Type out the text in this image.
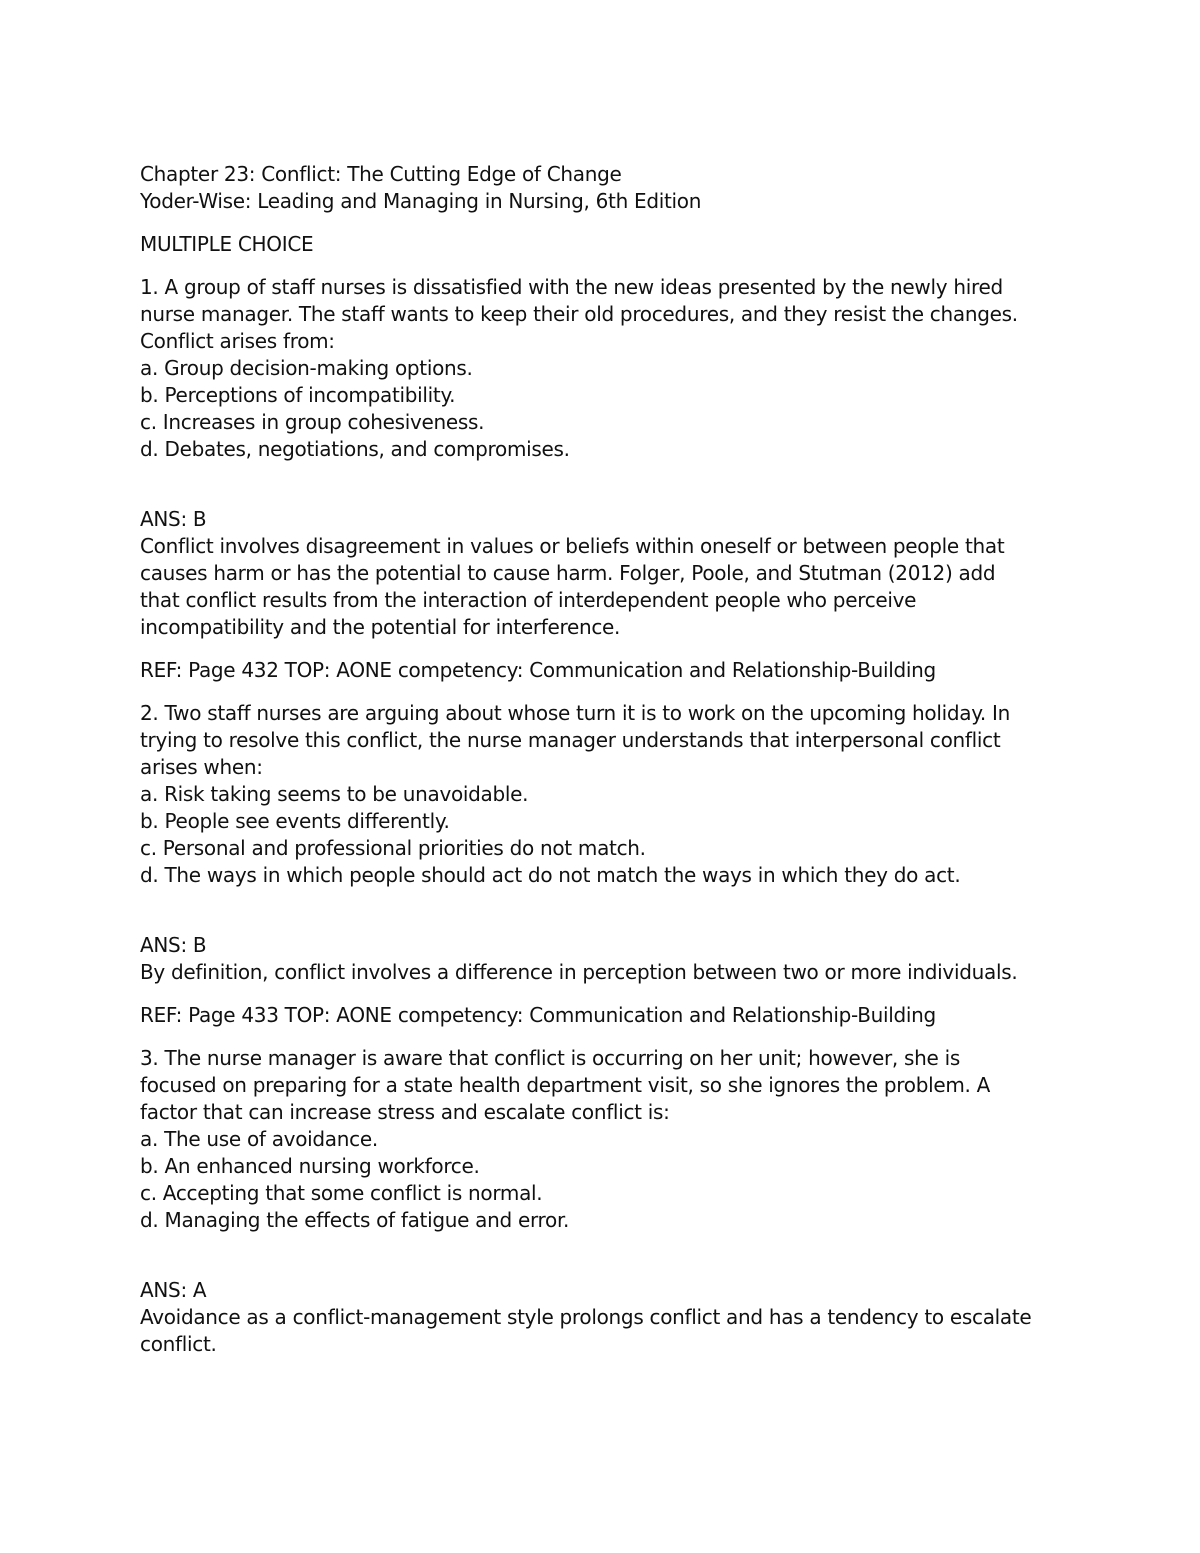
Chapter 23: Conflict: The Cutting Edge of Change
Yoder-Wise: Leading and Managing in Nursing, 6th Edition
MULTIPLE CHOICE
1. A group of staff nurses is dissatisfied with the new ideas presented by the newly hired
nurse manager. The staff wants to keep their old procedures, and they resist the changes.
Conflict arises from:
a. Group decision-making options.
b. Perceptions of incompatibility.
c. Increases in group cohesiveness.
d. Debates, negotiations, and compromises.
ANS: B
Conflict involves disagreement in values or beliefs within oneself or between people that
causes harm or has the potential to cause harm. Folger, Poole, and Stutman (2012) add
that conflict results from the interaction of interdependent people who perceive
incompatibility and the potential for interference.
REF: Page 432 TOP: AONE competency: Communication and Relationship-Building
2. Two staff nurses are arguing about whose turn it is to work on the upcoming holiday. In
trying to resolve this conflict, the nurse manager understands that interpersonal conflict
arises when:
a. Risk taking seems to be unavoidable.
b. People see events differently.
c. Personal and professional priorities do not match.
d. The ways in which people should act do not match the ways in which they do act.
ANS: B
By definition, conflict involves a difference in perception between two or more individuals.
REF: Page 433 TOP: AONE competency: Communication and Relationship-Building
3. The nurse manager is aware that conflict is occurring on her unit; however, she is
focused on preparing for a state health department visit, so she ignores the problem. A
factor that can increase stress and escalate conflict is:
a. The use of avoidance.
b. An enhanced nursing workforce.
c. Accepting that some conflict is normal.
d. Managing the effects of fatigue and error.
ANS: A
Avoidance as a conflict-management style prolongs conflict and has a tendency to escalate
conflict.
